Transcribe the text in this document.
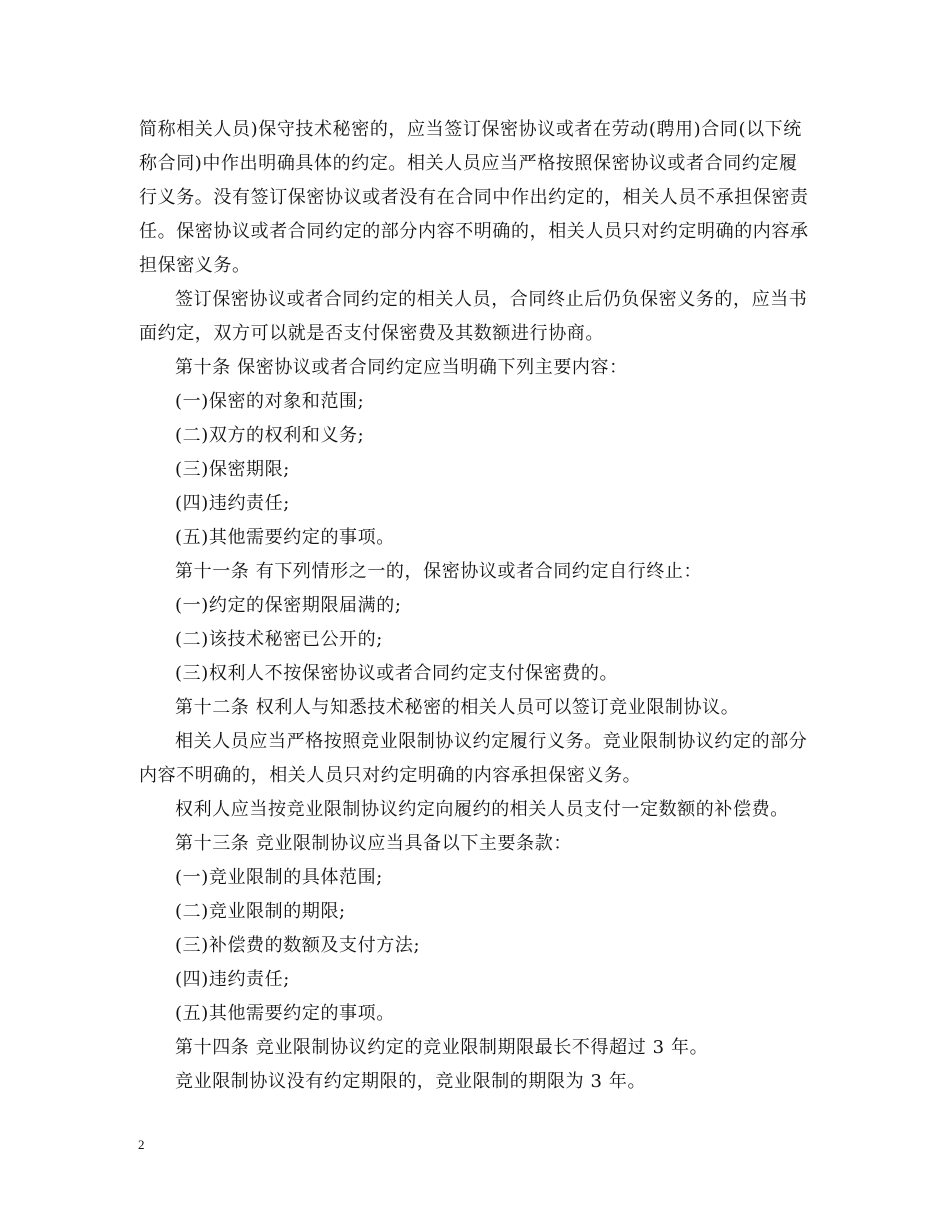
简称相关人员)保守技术秘密的，应当签订保密协议或者在劳动(聘用)合同(以下统
称合同)中作出明确具体的约定。相关人员应当严格按照保密协议或者合同约定履
行义务。没有签订保密协议或者没有在合同中作出约定的，相关人员不承担保密责
任。保密协议或者合同约定的部分内容不明确的，相关人员只对约定明确的内容承
担保密义务。
签订保密协议或者合同约定的相关人员，合同终止后仍负保密义务的，应当书
面约定，双方可以就是否支付保密费及其数额进行协商。
第十条 保密协议或者合同约定应当明确下列主要内容：
(一)保密的对象和范围;
(二)双方的权利和义务;
(三)保密期限;
(四)违约责任;
(五)其他需要约定的事项。
第十一条 有下列情形之一的，保密协议或者合同约定自行终止：
(一)约定的保密期限届满的;
(二)该技术秘密已公开的;
(三)权利人不按保密协议或者合同约定支付保密费的。
第十二条 权利人与知悉技术秘密的相关人员可以签订竞业限制协议。
相关人员应当严格按照竞业限制协议约定履行义务。竞业限制协议约定的部分
内容不明确的，相关人员只对约定明确的内容承担保密义务。
权利人应当按竞业限制协议约定向履约的相关人员支付一定数额的补偿费。
第十三条 竞业限制协议应当具备以下主要条款：
(一)竞业限制的具体范围;
(二)竞业限制的期限;
(三)补偿费的数额及支付方法;
(四)违约责任;
(五)其他需要约定的事项。
第十四条 竞业限制协议约定的竞业限制期限最长不得超过 3 年。
竞业限制协议没有约定期限的，竞业限制的期限为 3 年。
2
